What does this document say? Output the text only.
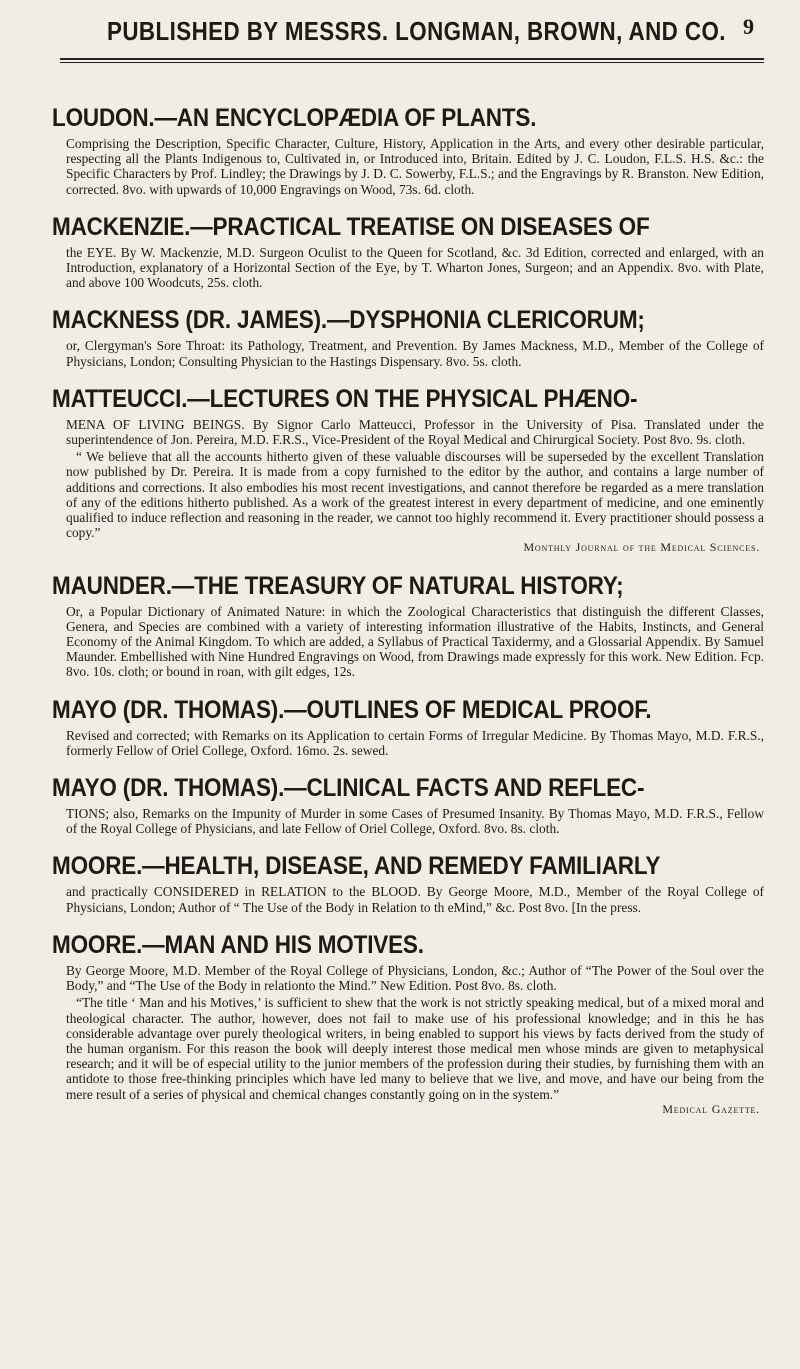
PUBLISHED BY MESSRS. LONGMAN, BROWN, AND CO. 9
LOUDON.—AN ENCYCLOPÆDIA OF PLANTS.

Comprising the Description, Specific Character, Culture, History, Application in the Arts, and every other desirable particular, respecting all the Plants Indigenous to, Cultivated in, or Introduced into, Britain. Edited by J. C. Loudon, F.L.S. H.S. &c.: the Specific Characters by Prof. Lindley; the Drawings by J. D. C. Sowerby, F.L.S.; and the Engravings by R. Branston. New Edition, corrected. 8vo. with upwards of 10,000 Engravings on Wood, 73s. 6d. cloth.

MACKENZIE.—PRACTICAL TREATISE ON DISEASES OF

the EYE. By W. Mackenzie, M.D. Surgeon Oculist to the Queen for Scotland, &c. 3d Edition, corrected and enlarged, with an Introduction, explanatory of a Horizontal Section of the Eye, by T. Wharton Jones, Surgeon; and an Appendix. 8vo. with Plate, and above 100 Woodcuts, 25s. cloth.

MACKNESS (DR. JAMES).—DYSPHONIA CLERICORUM;

or, Clergyman's Sore Throat: its Pathology, Treatment, and Prevention. By James Mackness, M.D., Member of the College of Physicians, London; Consulting Physician to the Hastings Dispensary. 8vo. 5s. cloth.

MATTEUCCI.—LECTURES ON THE PHYSICAL PHÆNO-

MENA OF LIVING BEINGS. By Signor Carlo Matteucci, Professor in the University of Pisa. Translated under the superintendence of Jon. Pereira, M.D. F.R.S., Vice-President of the Royal Medical and Chirurgical Society. Post 8vo. 9s. cloth.

“ We believe that all the accounts hitherto given of these valuable discourses will be superseded by the excellent Translation now published by Dr. Pereira. It is made from a copy furnished to the editor by the author, and contains a large number of additions and corrections. It also embodies his most recent investigations, and cannot therefore be regarded as a mere translation of any of the editions hitherto published. As a work of the greatest interest in every department of medicine, and one eminently qualified to induce reflection and reasoning in the reader, we cannot too highly recommend it. Every practitioner should possess a copy.”
Monthly Journal of the Medical Sciences.

MAUNDER.—THE TREASURY OF NATURAL HISTORY;

Or, a Popular Dictionary of Animated Nature: in which the Zoological Characteristics that distinguish the different Classes, Genera, and Species are combined with a variety of interesting information illustrative of the Habits, Instincts, and General Economy of the Animal Kingdom. To which are added, a Syllabus of Practical Taxidermy, and a Glossarial Appendix. By Samuel Maunder. Embellished with Nine Hundred Engravings on Wood, from Drawings made expressly for this work. New Edition. Fcp. 8vo. 10s. cloth; or bound in roan, with gilt edges, 12s.

MAYO (DR. THOMAS).—OUTLINES OF MEDICAL PROOF.

Revised and corrected; with Remarks on its Application to certain Forms of Irregular Medicine. By Thomas Mayo, M.D. F.R.S., formerly Fellow of Oriel College, Oxford. 16mo. 2s. sewed.

MAYO (DR. THOMAS).—CLINICAL FACTS AND REFLEC-

TIONS; also, Remarks on the Impunity of Murder in some Cases of Presumed Insanity. By Thomas Mayo, M.D. F.R.S., Fellow of the Royal College of Physicians, and late Fellow of Oriel College, Oxford. 8vo. 8s. cloth.

MOORE.—HEALTH, DISEASE, AND REMEDY FAMILIARLY

and practically CONSIDERED in RELATION to the BLOOD. By George Moore, M.D., Member of the Royal College of Physicians, London; Author of “ The Use of the Body in Relation to th eMind,” &c. Post 8vo. [In the press.

MOORE.—MAN AND HIS MOTIVES.

By George Moore, M.D. Member of the Royal College of Physicians, London, &c.; Author of “The Power of the Soul over the Body,” and “The Use of the Body in relationto the Mind.” New Edition. Post 8vo. 8s. cloth.

“The title ‘ Man and his Motives,’ is sufficient to shew that the work is not strictly speaking medical, but of a mixed moral and theological character. The author, however, does not fail to make use of his professional knowledge; and in this he has considerable advantage over purely theological writers, in being enabled to support his views by facts derived from the study of the human organism. For this reason the book will deeply interest those medical men whose minds are given to metaphysical research; and it will be of especial utility to the junior members of the profession during their studies, by furnishing them with an antidote to those free-thinking principles which have led many to believe that we live, and move, and have our being from the mere result of a series of physical and chemical changes constantly going on in the system.”
Medical Gazette.
